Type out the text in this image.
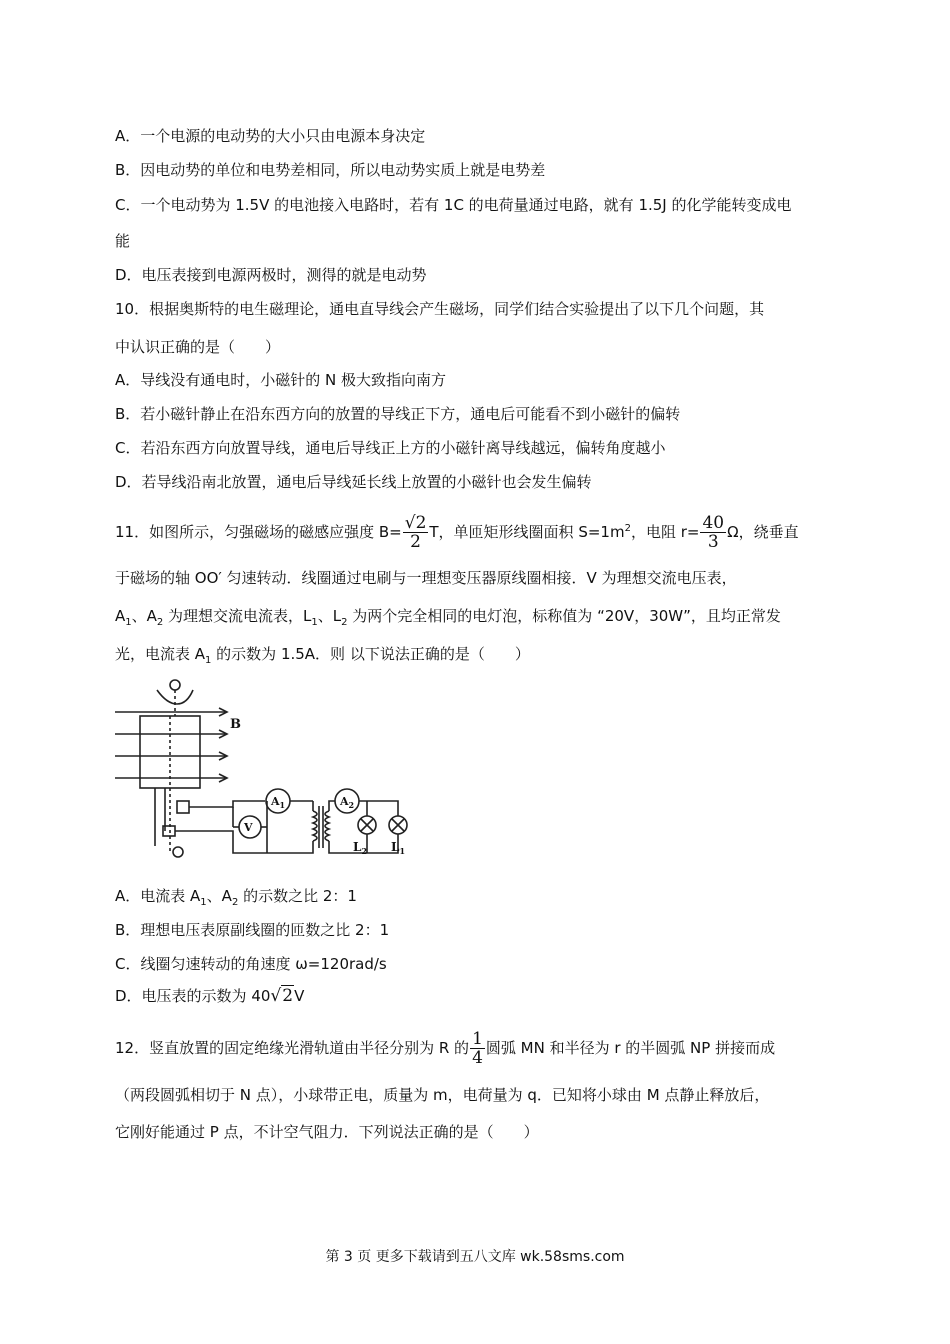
A．一个电源的电动势的大小只由电源本身决定
B．因电动势的单位和电势差相同，所以电动势实质上就是电势差
C．一个电动势为 1.5V 的电池接入电路时，若有 1C 的电荷量通过电路，就有 1.5J 的化学能转变成电
能
D．电压表接到电源两极时，测得的就是电动势
10．根据奥斯特的电生磁理论，通电直导线会产生磁场，同学们结合实验提出了以下几个问题，其
中认识正确的是（　　）
A．导线没有通电时，小磁针的 N 极大致指向南方
B．若小磁针静止在沿东西方向的放置的导线正下方，通电后可能看不到小磁针的偏转
C．若沿东西方向放置导线，通电后导线正上方的小磁针离导线越远，偏转角度越小
D．若导线沿南北放置，通电后导线延长线上放置的小磁针也会发生偏转
11．如图所示，匀强磁场的磁感应强度 $B= \frac{√2}{2}$ T，单匝矩形线圈面积 $S=1m^2$，电阻 $r= \frac{40}{3}$ Ω，绕垂直
于磁场的轴 OO′ 匀速转动．线圈通过电刷与一理想变压器原线圈相接．V 为理想交流电压表，
$A_1$、$A_2$ 为理想交流电流表，$L_1$、$L_2$ 为两个完全相同的电灯泡，标称值为 “20V，30W”，且均正常发
光，电流表 $A_1$ 的示数为 1.5A．则 以下说法正确的是（　　）
B
$A_1$
V
$A_2$
$L_2$ $L_1$
A．电流表 $A_1$、$A_2$ 的示数之比 2：1
B．理想电压表原副线圈的匝数之比 2：1
C．线圈匀速转动的角速度 ω=120rad/s
D．电压表的示数为 40√2V
12．竖直放置的固定绝缘光滑轨道由半径分别为 R 的 $\frac{1}{4}$ 圆弧 MN 和半径为 r 的半圆弧 NP 拼接而成
（两段圆弧相切于 N 点），小球带正电，质量为 m，电荷量为 q．已知将小球由 M 点静止释放后，
它刚好能通过 P 点，不计空气阻力．下列说法正确的是（　　）
第 3 页 更多下载请到五八文库 wk.58sms.com
